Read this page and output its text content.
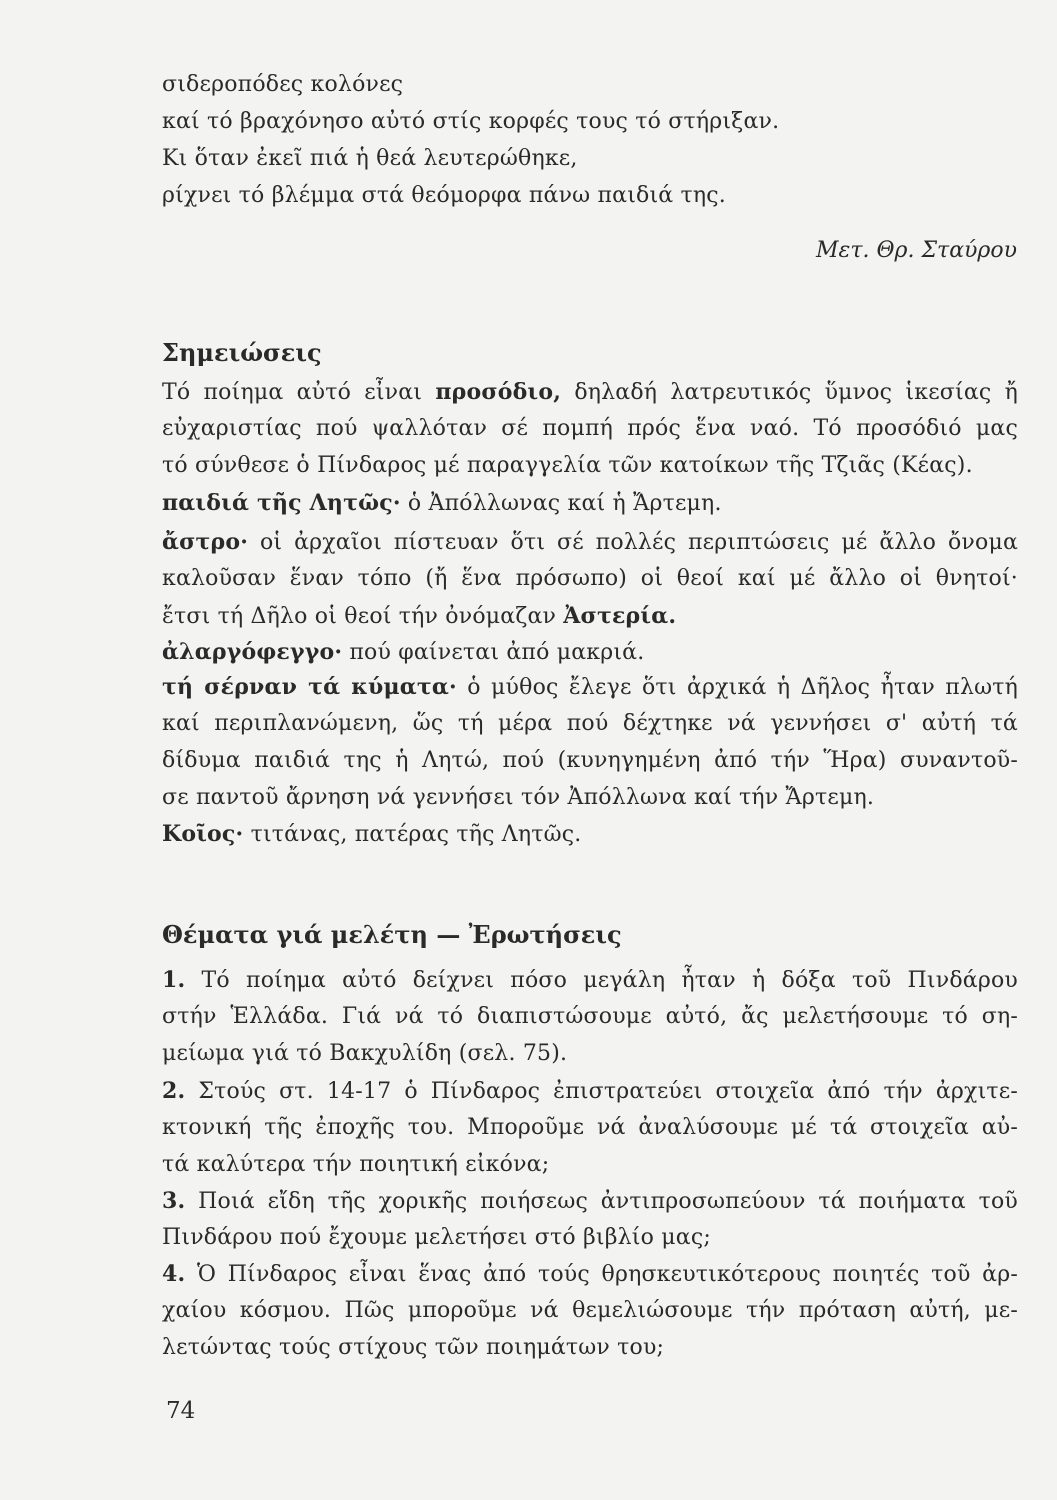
σιδεροπόδες κολόνες
καί τό βραχόνησο αὐτό στίς κορφές τους τό στήριξαν.
Κι ὅταν ἐκεῖ πιά ἡ θεά λευτερώθηκε,
ρίχνει τό βλέμμα στά θεόμορφα πάνω παιδιά της.
Μετ. Θρ. Σταύρου
Σημειώσεις
Τό ποίημα αὐτό εἶναι προσόδιο, δηλαδή λατρευτικός ὕμνος ἱκεσίας ἤ
εὐχαριστίας πού ψαλλόταν σέ πομπή πρός ἕνα ναό. Τό προσόδιό μας
τό σύνθεσε ὁ Πίνδαρος μέ παραγγελία τῶν κατοίκων τῆς Τζιᾶς (Κέας).
παιδιά τῆς Λητῶς· ὁ Ἀπόλλωνας καί ἡ Ἄρτεμη.
ἄστρο· οἱ ἀρχαῖοι πίστευαν ὅτι σέ πολλές περιπτώσεις μέ ἄλλο ὄνομα
καλοῦσαν ἕναν τόπο (ἤ ἕνα πρόσωπο) οἱ θεοί καί μέ ἄλλο οἱ θνητοί·
ἔτσι τή Δῆλο οἱ θεοί τήν ὀνόμαζαν Ἀστερία.
ἀλαργόφεγγο· πού φαίνεται ἀπό μακριά.
τή σέρναν τά κύματα· ὁ μύθος ἔλεγε ὅτι ἀρχικά ἡ Δῆλος ἦταν πλωτή
καί περιπλανώμενη, ὥς τή μέρα πού δέχτηκε νά γεννήσει σ' αὐτή τά
δίδυμα παιδιά της ἡ Λητώ, πού (κυνηγημένη ἀπό τήν Ἥρα) συναντοῦ-
σε παντοῦ ἄρνηση νά γεννήσει τόν Ἀπόλλωνα καί τήν Ἄρτεμη.
Κοῖος· τιτάνας, πατέρας τῆς Λητῶς.
Θέματα γιά μελέτη — Ἐρωτήσεις
1. Τό ποίημα αὐτό δείχνει πόσο μεγάλη ἦταν ἡ δόξα τοῦ Πινδάρου
στήν Ἑλλάδα. Γιά νά τό διαπιστώσουμε αὐτό, ἄς μελετήσουμε τό ση-
μείωμα γιά τό Βακχυλίδη (σελ. 75).
2. Στούς στ. 14-17 ὁ Πίνδαρος ἐπιστρατεύει στοιχεῖα ἀπό τήν ἀρχιτε-
κτονική τῆς ἐποχῆς του. Μποροῦμε νά ἀναλύσουμε μέ τά στοιχεῖα αὐ-
τά καλύτερα τήν ποιητική εἰκόνα;
3. Ποιά εἴδη τῆς χορικῆς ποιήσεως ἀντιπροσωπεύουν τά ποιήματα τοῦ
Πινδάρου πού ἔχουμε μελετήσει στό βιβλίο μας;
4. Ὁ Πίνδαρος εἶναι ἕνας ἀπό τούς θρησκευτικότερους ποιητές τοῦ ἀρ-
χαίου κόσμου. Πῶς μποροῦμε νά θεμελιώσουμε τήν πρόταση αὐτή, με-
λετώντας τούς στίχους τῶν ποιημάτων του;
74
